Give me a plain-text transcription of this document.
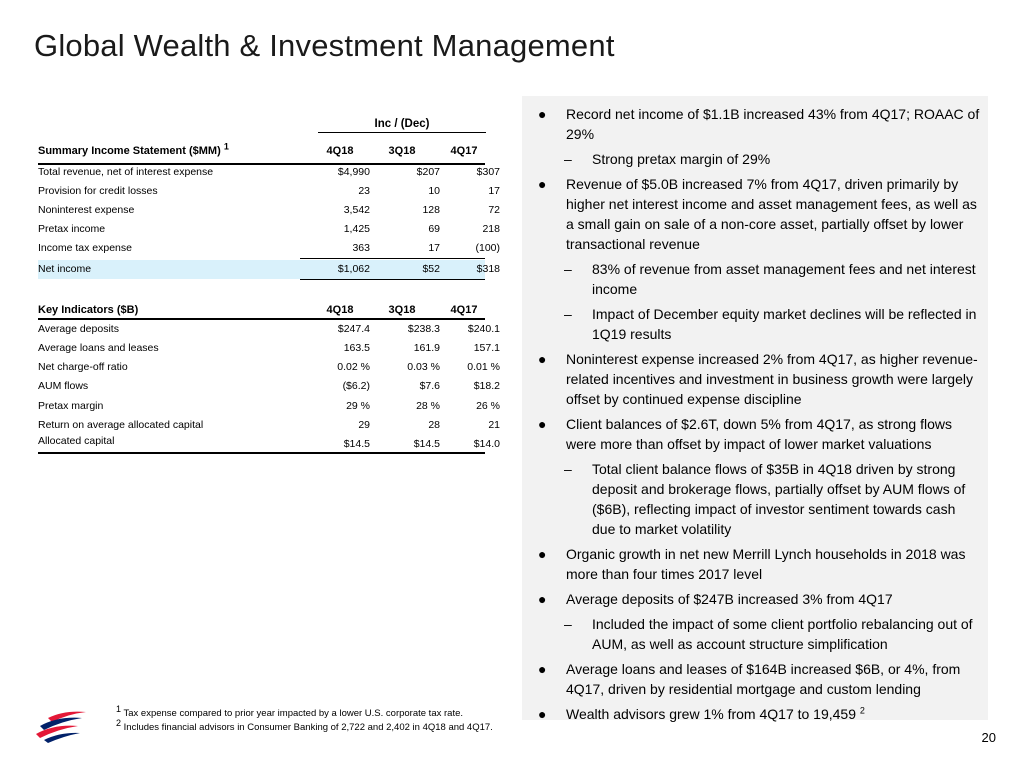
Global Wealth & Investment Management
Inc / (Dec)
Summary Income Statement ($MM) $^1$	4Q18	3Q18	4Q17
Total revenue, net of interest expense	$4,990	$207	$307
Provision for credit losses	23	10	17
Noninterest expense	3,542	128	72
Pretax income	1,425	69	218
Income tax expense	363	17	(100)
Net income	$1,062	$52	$318
Key Indicators ($B)	4Q18	3Q18	4Q17
Average deposits	$247.4	$238.3	$240.1
Average loans and leases	163.5	161.9	157.1
Net charge-off ratio	0.02 %	0.03 %	0.01 %
AUM flows	($6.2)	$7.6	$18.2
Pretax margin	29 %	28 %	26 %
Return on average allocated capital	29	28	21
Allocated capital	$14.5	$14.5	$14.0
● Record net income of $1.1B increased 43% from 4Q17; ROAAC of 29%
– Strong pretax margin of 29%
● Revenue of $5.0B increased 7% from 4Q17, driven primarily by higher net interest income and asset management fees, as well as a small gain on sale of a non-core asset, partially offset by lower transactional revenue
– 83% of revenue from asset management fees and net interest income
– Impact of December equity market declines will be reflected in 1Q19 results
● Noninterest expense increased 2% from 4Q17, as higher revenue-related incentives and investment in business growth were largely offset by continued expense discipline
● Client balances of $2.6T, down 5% from 4Q17, as strong flows were more than offset by impact of lower market valuations
– Total client balance flows of $35B in 4Q18 driven by strong deposit and brokerage flows, partially offset by AUM flows of ($6B), reflecting impact of investor sentiment towards cash due to market volatility
● Organic growth in net new Merrill Lynch households in 2018 was more than four times 2017 level
● Average deposits of $247B increased 3% from 4Q17
– Included the impact of some client portfolio rebalancing out of AUM, as well as account structure simplification
● Average loans and leases of $164B increased $6B, or 4%, from 4Q17, driven by residential mortgage and custom lending
● Wealth advisors grew 1% from 4Q17 to 19,459 $^2$
$^1$ Tax expense compared to prior year impacted by a lower U.S. corporate tax rate.
$^2$ Includes financial advisors in Consumer Banking of 2,722 and 2,402 in 4Q18 and 4Q17.
20
